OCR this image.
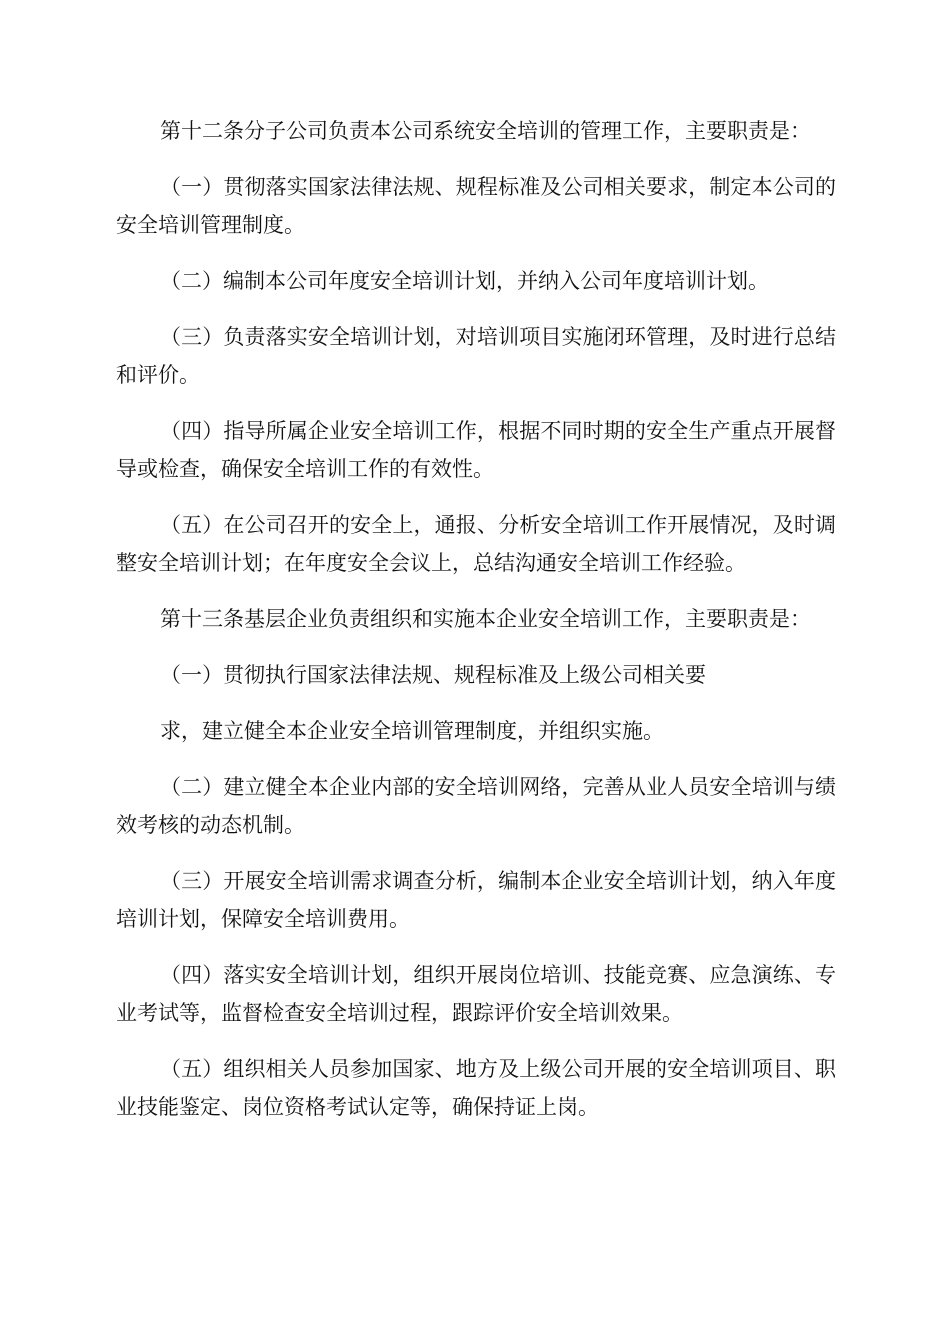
第十二条分子公司负责本公司系统安全培训的管理工作，主要职责是：

（一）贯彻落实国家法律法规、规程标准及公司相关要求，制定本公司的安全培训管理制度。

（二）编制本公司年度安全培训计划，并纳入公司年度培训计划。

（三）负责落实安全培训计划，对培训项目实施闭环管理，及时进行总结和评价。

（四）指导所属企业安全培训工作，根据不同时期的安全生产重点开展督导或检查，确保安全培训工作的有效性。

（五）在公司召开的安全上，通报、分析安全培训工作开展情况，及时调整安全培训计划；在年度安全会议上，总结沟通安全培训工作经验。

第十三条基层企业负责组织和实施本企业安全培训工作，主要职责是：

（一）贯彻执行国家法律法规、规程标准及上级公司相关要

求，建立健全本企业安全培训管理制度，并组织实施。

（二）建立健全本企业内部的安全培训网络，完善从业人员安全培训与绩效考核的动态机制。

（三）开展安全培训需求调查分析，编制本企业安全培训计划，纳入年度培训计划，保障安全培训费用。

（四）落实安全培训计划，组织开展岗位培训、技能竞赛、应急演练、专业考试等，监督检查安全培训过程，跟踪评价安全培训效果。

（五）组织相关人员参加国家、地方及上级公司开展的安全培训项目、职业技能鉴定、岗位资格考试认定等，确保持证上岗。
